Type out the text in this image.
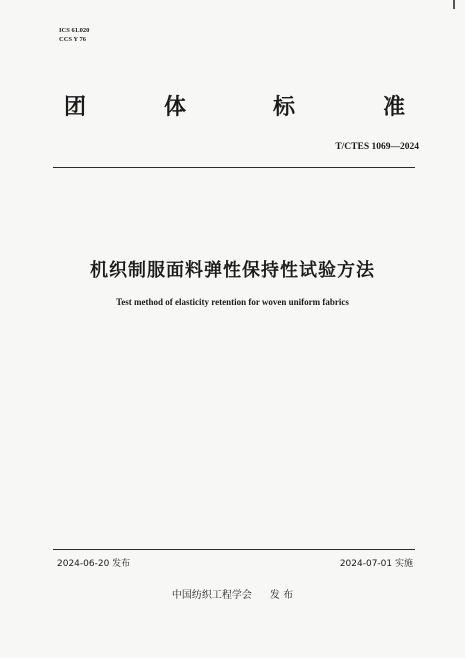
ICS 61.020
CCS Y 76
团	体	标	准
T/CTES 1069—2024
机织制服面料弹性保持性试验方法
Test method of elasticity retention for woven uniform fabrics
2024-06-20 发布	2024-07-01 实施
中国纺织工程学会 发 布
